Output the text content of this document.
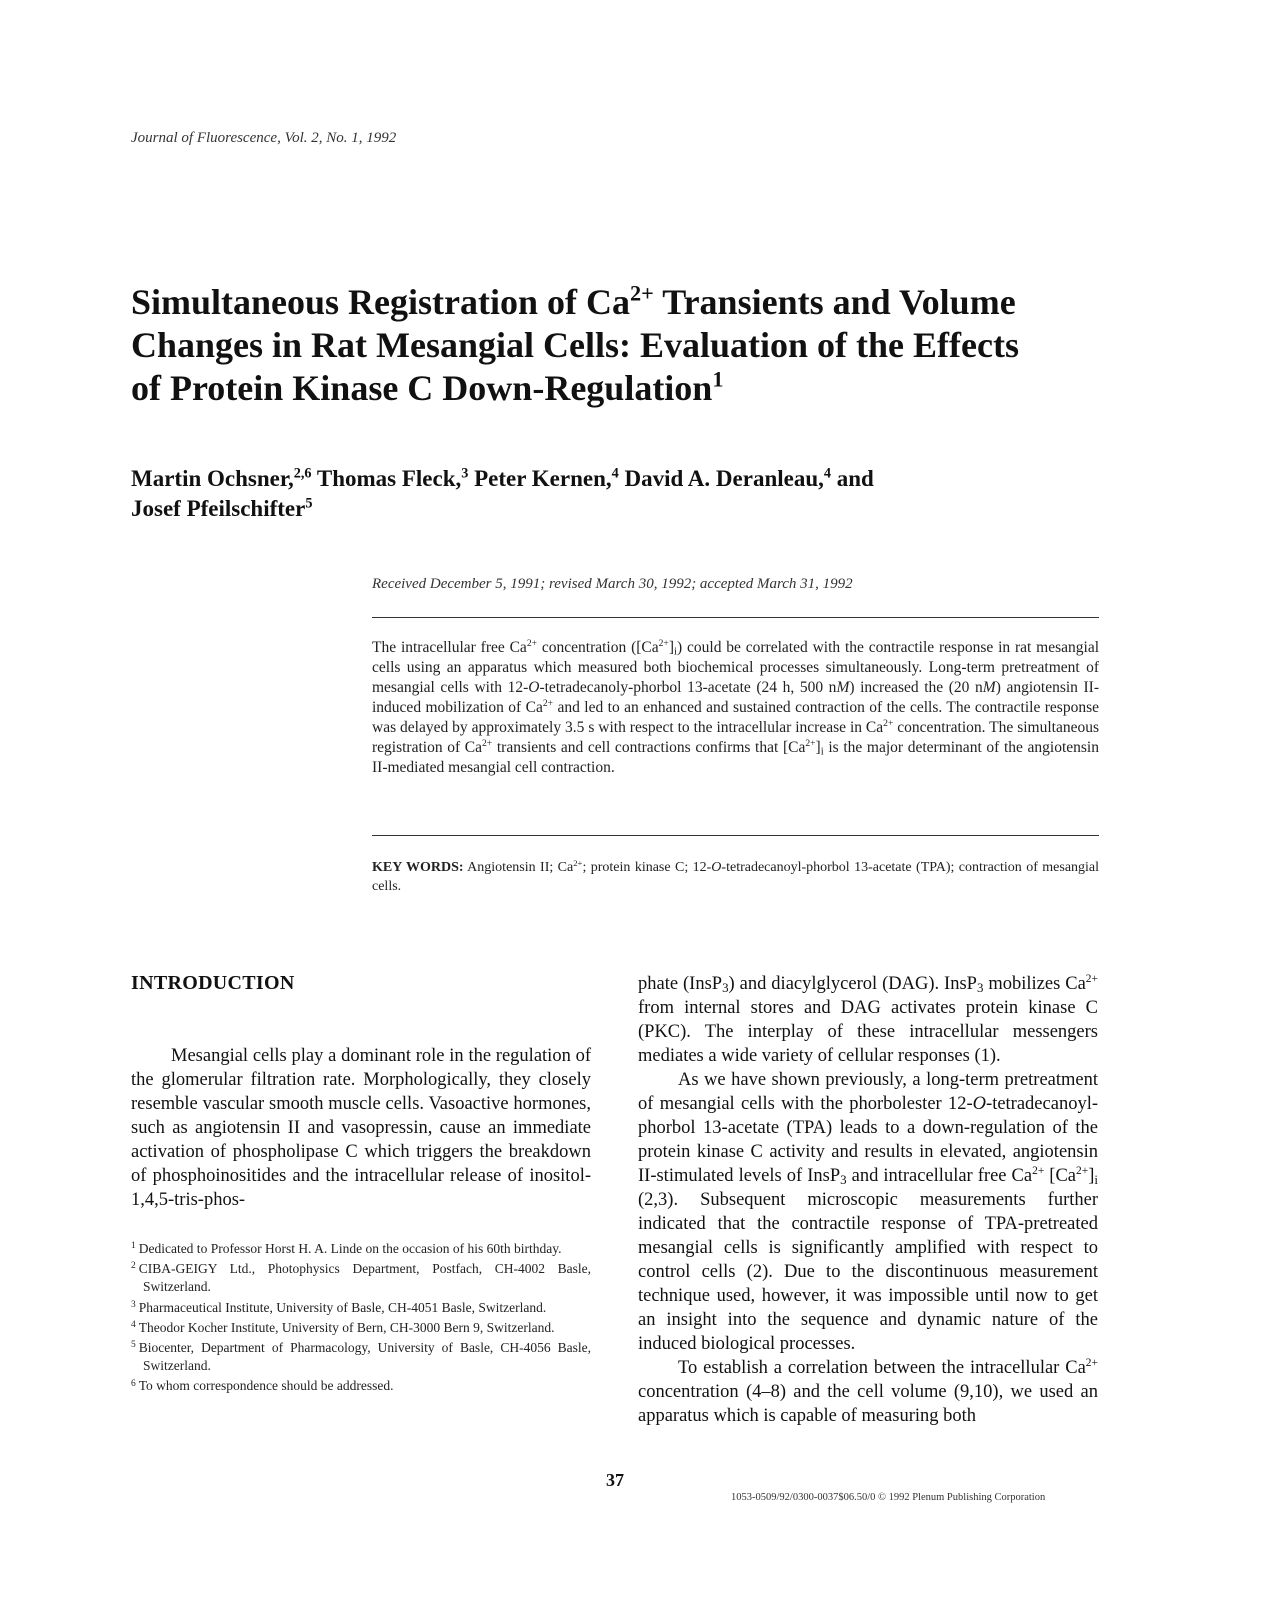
Journal of Fluorescence, Vol. 2, No. 1, 1992
Simultaneous Registration of $Ca^{2+}$ Transients and Volume
Changes in Rat Mesangial Cells: Evaluation of the Effects
of Protein Kinase C Down-Regulation$^1$
Martin Ochsner,$^{2,6}$ Thomas Fleck,$^3$ Peter Kernen,$^4$ David A. Deranleau,$^4$ and
Josef Pfeilschifter$^5$
Received December 5, 1991; revised March 30, 1992; accepted March 31, 1992
The intracellular free $Ca^{2+}$ concentration $([Ca^{2+}]_i)$ could be correlated with the contractile response in rat mesangial cells using an apparatus which measured both biochemical processes simultaneously. Long-term pretreatment of mesangial cells with 12-O-tetradecanoly-phorbol 13-acetate (24 h, 500 nM) increased the (20 nM) angiotensin II-induced mobilization of $Ca^{2+}$ and led to an enhanced and sustained contraction of the cells. The contractile response was delayed by approximately 3.5 s with respect to the intracellular increase in $Ca^{2+}$ concentration. The simultaneous registration of $Ca^{2+}$ transients and cell contractions confirms that $[Ca^{2+}]_i$ is the major determinant of the angiotensin II-mediated mesangial cell contraction.
KEY WORDS: Angiotensin II; $Ca^{2+}$; protein kinase C; 12-O-tetradecanoyl-phorbol 13-acetate (TPA); contraction of mesangial cells.
INTRODUCTION

Mesangial cells play a dominant role in the regulation of the glomerular filtration rate. Morphologically, they closely resemble vascular smooth muscle cells. Vasoactive hormones, such as angiotensin II and vasopressin, cause an immediate activation of phospholipase C which triggers the breakdown of phosphoinositides and the intracellular release of inositol-1,4,5-tris-phos-

$^1$ Dedicated to Professor Horst H. A. Linde on the occasion of his 60th birthday.
$^2$ CIBA-GEIGY Ltd., Photophysics Department, Postfach, CH-4002 Basle, Switzerland.
$^3$ Pharmaceutical Institute, University of Basle, CH-4051 Basle, Switzerland.
$^4$ Theodor Kocher Institute, University of Bern, CH-3000 Bern 9, Switzerland.
$^5$ Biocenter, Department of Pharmacology, University of Basle, CH-4056 Basle, Switzerland.
$^6$ To whom correspondence should be addressed.

phate (InsP$_3$) and diacylglycerol (DAG). InsP$_3$ mobilizes $Ca^{2+}$ from internal stores and DAG activates protein kinase C (PKC). The interplay of these intracellular messengers mediates a wide variety of cellular responses (1).

As we have shown previously, a long-term pretreatment of mesangial cells with the phorbolester 12-O-tetradecanoyl-phorbol 13-acetate (TPA) leads to a down-regulation of the protein kinase C activity and results in elevated, angiotensin II-stimulated levels of InsP$_3$ and intracellular free $Ca^{2+}$ $[Ca^{2+}]_i$ (2,3). Subsequent microscopic measurements further indicated that the contractile response of TPA-pretreated mesangial cells is significantly amplified with respect to control cells (2). Due to the discontinuous measurement technique used, however, it was impossible until now to get an insight into the sequence and dynamic nature of the induced biological processes.

To establish a correlation between the intracellular $Ca^{2+}$ concentration (4–8) and the cell volume (9,10), we used an apparatus which is capable of measuring both

37
1053-0509/92/0300-0037$06.50/0 © 1992 Plenum Publishing Corporation
